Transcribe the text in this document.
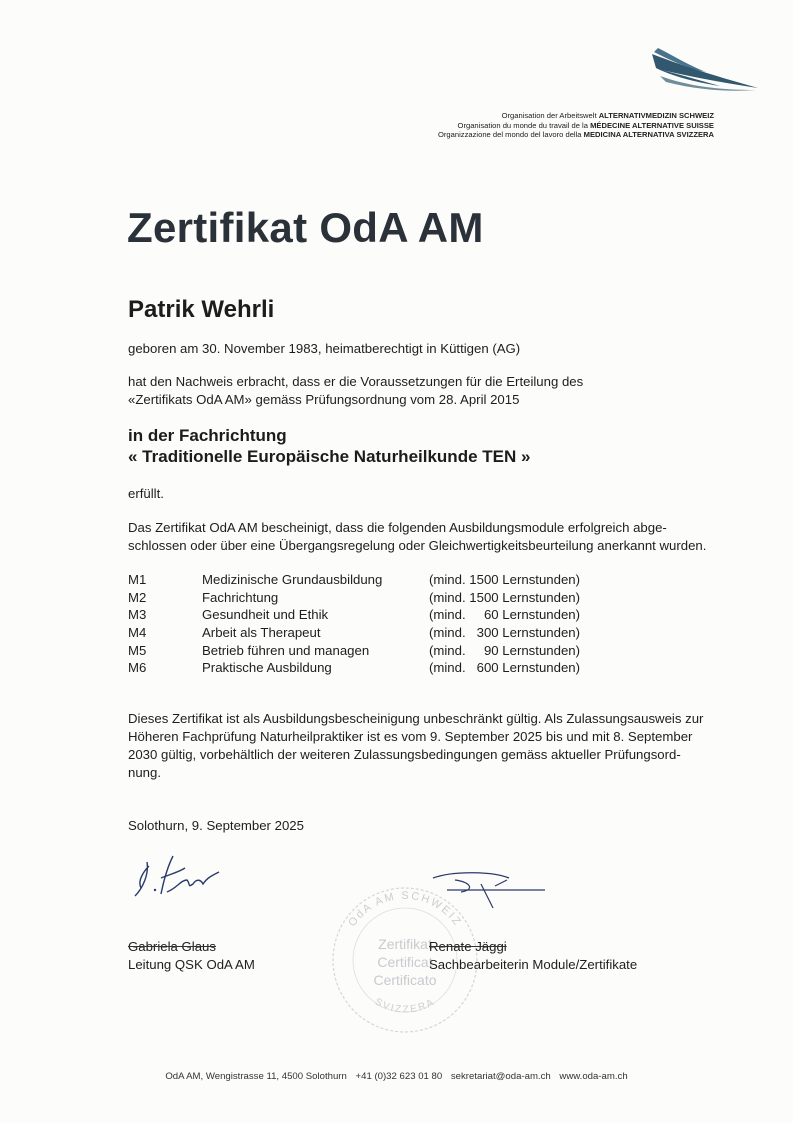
Organisation der Arbeitswelt ALTERNATIVMEDIZIN SCHWEIZ
Organisation du monde du travail de la MÉDECINE ALTERNATIVE SUISSE
Organizzazione del mondo del lavoro della MEDICINA ALTERNATIVA SVIZZERA
Zertifikat OdA AM
Patrik Wehrli
geboren am 30. November 1983, heimatberechtigt in Küttigen (AG)
hat den Nachweis erbracht, dass er die Voraussetzungen für die Erteilung des
«Zertifikats OdA AM» gemäss Prüfungsordnung vom 28. April 2015
in der Fachrichtung
« Traditionelle Europäische Naturheilkunde TEN »
erfüllt.
Das Zertifikat OdA AM bescheinigt, dass die folgenden Ausbildungsmodule erfolgreich abge-
schlossen oder über eine Übergangsregelung oder Gleichwertigkeitsbeurteilung anerkannt wurden.
M1	Medizinische Grundausbildung	(mind. 1500 Lernstunden)
M2	Fachrichtung	(mind. 1500 Lernstunden)
M3	Gesundheit und Ethik	(mind.     60 Lernstunden)
M4	Arbeit als Therapeut	(mind.   300 Lernstunden)
M5	Betrieb führen und managen	(mind.     90 Lernstunden)
M6	Praktische Ausbildung	(mind.   600 Lernstunden)
Dieses Zertifikat ist als Ausbildungsbescheinigung unbeschränkt gültig. Als Zulassungsausweis zur
Höheren Fachprüfung Naturheilpraktiker ist es vom 9. September 2025 bis und mit 8. September
2030 gültig, vorbehältlich der weiteren Zulassungsbedingungen gemäss aktueller Prüfungsord-
nung.
Solothurn, 9. September 2025
OdA AM SCHWEIZ
SVIZZERA
Zertifikat
Certificat
Certificato
Gabriela Glaus
Leitung QSK OdA AM
Renate Jäggi
Sachbearbeiterin Module/Zertifikate
OdA AM, Wengistrasse 11, 4500 Solothurn +41 (0)32 623 01 80 sekretariat@oda-am.ch www.oda-am.ch
